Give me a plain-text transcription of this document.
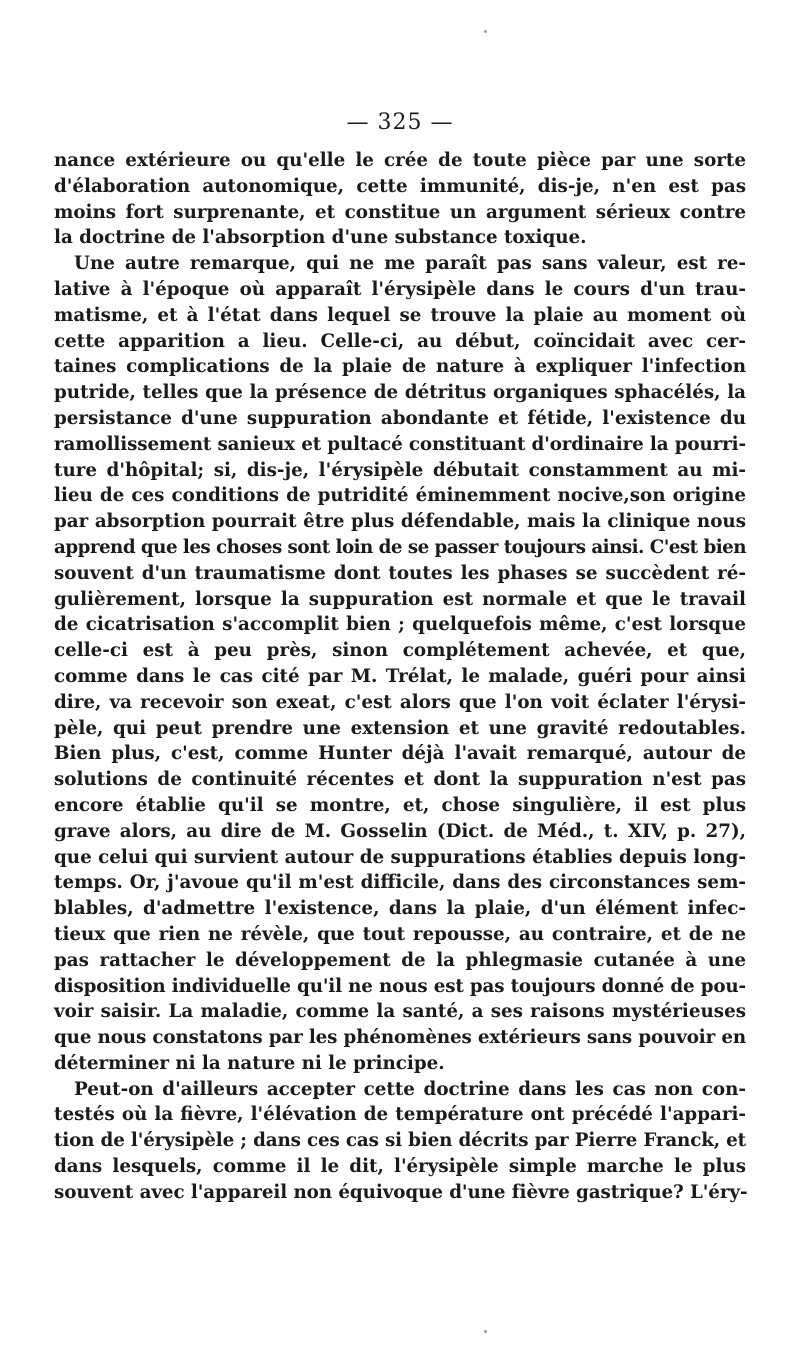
— 325 —
nance extérieure ou qu'elle le crée de toute pièce par une sorte
d'élaboration autonomique, cette immunité, dis-je, n'en est pas
moins fort surprenante, et constitue un argument sérieux contre
la doctrine de l'absorption d'une substance toxique.
Une autre remarque, qui ne me paraît pas sans valeur, est re-
lative à l'époque où apparaît l'érysipèle dans le cours d'un trau-
matisme, et à l'état dans lequel se trouve la plaie au moment où
cette apparition a lieu. Celle-ci, au début, coïncidait avec cer-
taines complications de la plaie de nature à expliquer l'infection
putride, telles que la présence de détritus organiques sphacélés, la
persistance d'une suppuration abondante et fétide, l'existence du
ramollissement sanieux et pultacé constituant d'ordinaire la pourri-
ture d'hôpital; si, dis-je, l'érysipèle débutait constamment au mi-
lieu de ces conditions de putridité éminemment nocive,son origine
par absorption pourrait être plus défendable, mais la clinique nous
apprend que les choses sont loin de se passer toujours ainsi. C'est bien
souvent d'un traumatisme dont toutes les phases se succèdent ré-
gulièrement, lorsque la suppuration est normale et que le travail
de cicatrisation s'accomplit bien ; quelquefois même, c'est lorsque
celle-ci est à peu près, sinon complétement achevée, et que,
comme dans le cas cité par M. Trélat, le malade, guéri pour ainsi
dire, va recevoir son exeat, c'est alors que l'on voit éclater l'érysi-
pèle, qui peut prendre une extension et une gravité redoutables.
Bien plus, c'est, comme Hunter déjà l'avait remarqué, autour de
solutions de continuité récentes et dont la suppuration n'est pas
encore établie qu'il se montre, et, chose singulière, il est plus
grave alors, au dire de M. Gosselin (Dict. de Méd., t. XIV, p. 27),
que celui qui survient autour de suppurations établies depuis long-
temps. Or, j'avoue qu'il m'est difficile, dans des circonstances sem-
blables, d'admettre l'existence, dans la plaie, d'un élément infec-
tieux que rien ne révèle, que tout repousse, au contraire, et de ne
pas rattacher le développement de la phlegmasie cutanée à une
disposition individuelle qu'il ne nous est pas toujours donné de pou-
voir saisir. La maladie, comme la santé, a ses raisons mystérieuses
que nous constatons par les phénomènes extérieurs sans pouvoir en
déterminer ni la nature ni le principe.
Peut-on d'ailleurs accepter cette doctrine dans les cas non con-
testés où la fièvre, l'élévation de température ont précédé l'appari-
tion de l'érysipèle ; dans ces cas si bien décrits par Pierre Franck, et
dans lesquels, comme il le dit, l'érysipèle simple marche le plus
souvent avec l'appareil non équivoque d'une fièvre gastrique? L'éry-
